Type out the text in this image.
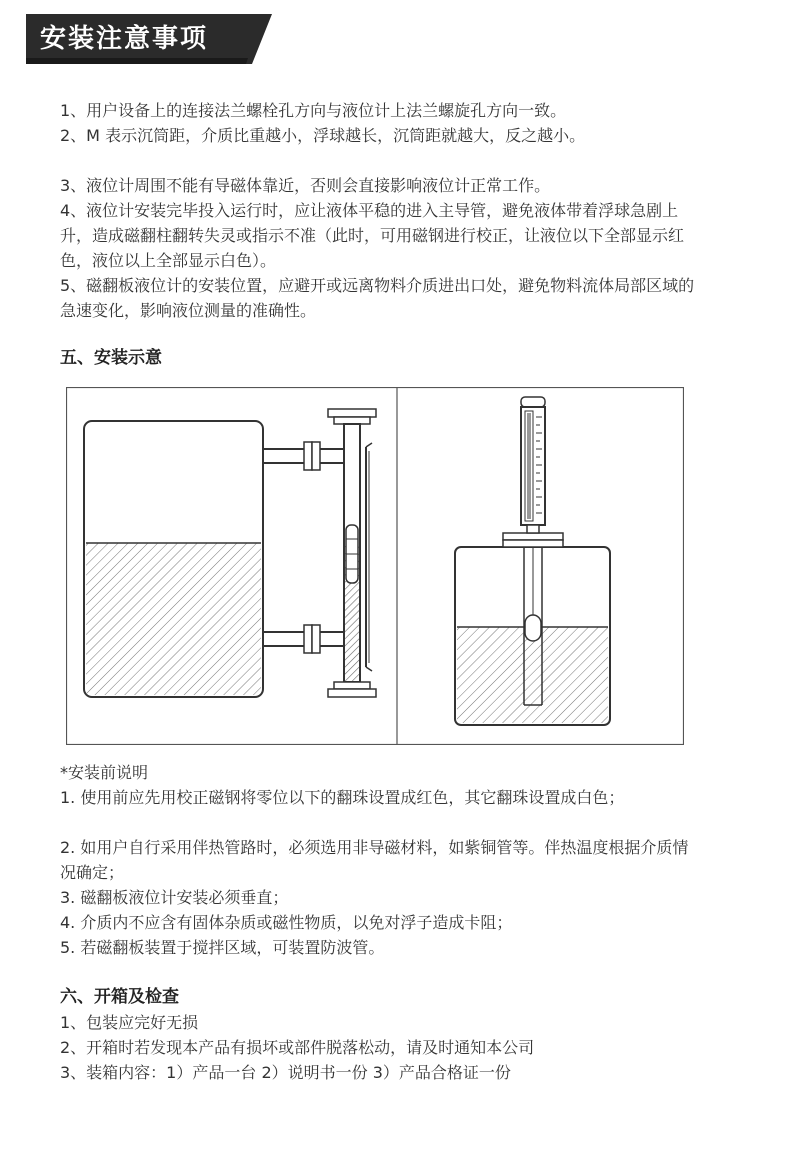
安装注意事项

1、用户设备上的连接法兰螺栓孔方向与液位计上法兰螺旋孔方向一致。

2、M 表示沉筒距，介质比重越小，浮球越长，沉筒距就越大，反之越小。

3、液位计周围不能有导磁体靠近，否则会直接影响液位计正常工作。

4、液位计安装完毕投入运行时，应让液体平稳的进入主导管，避免液体带着浮球急剧上升，造成磁翻柱翻转失灵或指示不准（此时，可用磁钢进行校正，让液位以下全部显示红色，液位以上全部显示白色）。

5、磁翻板液位计的安装位置，应避开或远离物料介质进出口处，避免物料流体局部区域的急速变化，影响液位测量的准确性。

五、安装示意

*安装前说明

1. 使用前应先用校正磁钢将零位以下的翻珠设置成红色，其它翻珠设置成白色；

2. 如用户自行采用伴热管路时，必须选用非导磁材料，如紫铜管等。伴热温度根据介质情况确定；

3. 磁翻板液位计安装必须垂直；

4. 介质内不应含有固体杂质或磁性物质，以免对浮子造成卡阻；

5. 若磁翻板装置于搅拌区域，可装置防波管。

六、开箱及检查

1、包装应完好无损

2、开箱时若发现本产品有损坏或部件脱落松动，请及时通知本公司

3、装箱内容：1）产品一台 2）说明书一份 3）产品合格证一份
